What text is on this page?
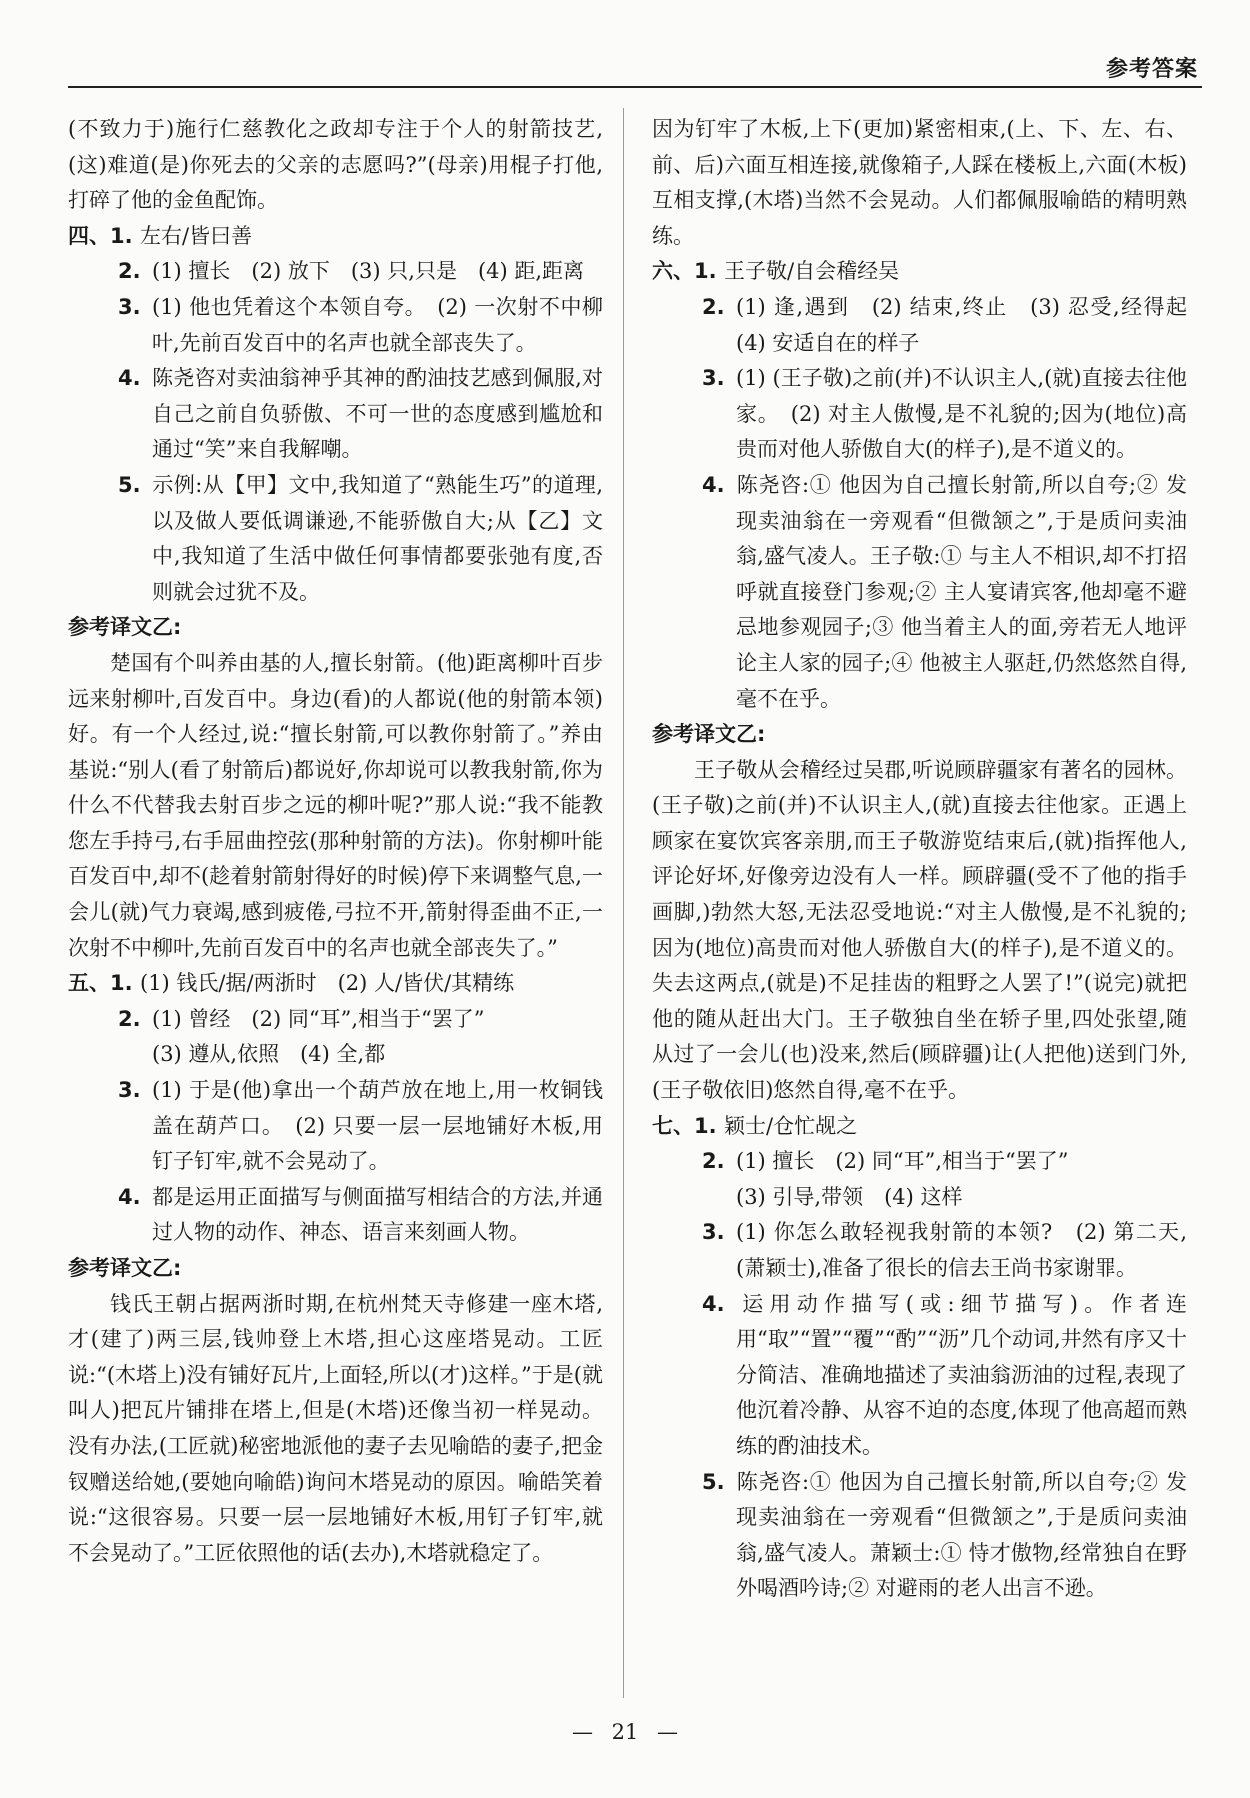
参考答案

(不致力于)施行仁慈教化之政却专注于个人的射箭技艺,(这)难道(是)你死去的父亲的志愿吗?”(母亲)用棍子打他,打碎了他的金鱼配饰。

四、1. 左右/皆曰善

2. (1) 擅长　(2) 放下　(3) 只,只是　(4) 距,距离

3. (1) 他也凭着这个本领自夸。　(2) 一次射不中柳叶,先前百发百中的名声也就全部丧失了。

4. 陈尧咨对卖油翁神乎其神的酌油技艺感到佩服,对自己之前自负骄傲、不可一世的态度感到尴尬和通过“笑”来自我解嘲。

5. 示例:从【甲】文中,我知道了“熟能生巧”的道理,以及做人要低调谦逊,不能骄傲自大;从【乙】文中,我知道了生活中做任何事情都要张弛有度,否则就会过犹不及。

参考译文乙:

楚国有个叫养由基的人,擅长射箭。(他)距离柳叶百步远来射柳叶,百发百中。身边(看)的人都说(他的射箭本领)好。有一个人经过,说:“擅长射箭,可以教你射箭了。”养由基说:“别人(看了射箭后)都说好,你却说可以教我射箭,你为什么不代替我去射百步之远的柳叶呢?”那人说:“我不能教您左手持弓,右手屈曲控弦(那种射箭的方法)。你射柳叶能百发百中,却不(趁着射箭射得好的时候)停下来调整气息,一会儿(就)气力衰竭,感到疲倦,弓拉不开,箭射得歪曲不正,一次射不中柳叶,先前百发百中的名声也就全部丧失了。”

五、1. (1) 钱氏/据/两浙时　(2) 人/皆伏/其精练

2. (1) 曾经　(2) 同“耳”,相当于“罢了”

(3) 遵从,依照　(4) 全,都

3. (1) 于是(他)拿出一个葫芦放在地上,用一枚铜钱盖在葫芦口。　(2) 只要一层一层地铺好木板,用钉子钉牢,就不会晃动了。

4. 都是运用正面描写与侧面描写相结合的方法,并通过人物的动作、神态、语言来刻画人物。

参考译文乙:

钱氏王朝占据两浙时期,在杭州梵天寺修建一座木塔,才(建了)两三层,钱帅登上木塔,担心这座塔晃动。工匠说:“(木塔上)没有铺好瓦片,上面轻,所以(才)这样。”于是(就叫人)把瓦片铺排在塔上,但是(木塔)还像当初一样晃动。没有办法,(工匠就)秘密地派他的妻子去见喻皓的妻子,把金钗赠送给她,(要她向喻皓)询问木塔晃动的原因。喻皓笑着说:“这很容易。只要一层一层地铺好木板,用钉子钉牢,就不会晃动了。”工匠依照他的话(去办),木塔就稳定了。

因为钉牢了木板,上下(更加)紧密相束,(上、下、左、右、前、后)六面互相连接,就像箱子,人踩在楼板上,六面(木板)互相支撑,(木塔)当然不会晃动。人们都佩服喻皓的精明熟练。

六、1. 王子敬/自会稽经吴

2. (1) 逢,遇到　(2) 结束,终止　(3) 忍受,经得起　(4) 安适自在的样子

3. (1) (王子敬)之前(并)不认识主人,(就)直接去往他家。　(2) 对主人傲慢,是不礼貌的;因为(地位)高贵而对他人骄傲自大(的样子),是不道义的。

4. 陈尧咨:① 他因为自己擅长射箭,所以自夸;② 发现卖油翁在一旁观看“但微颔之”,于是质问卖油翁,盛气凌人。王子敬:① 与主人不相识,却不打招呼就直接登门参观;② 主人宴请宾客,他却毫不避忌地参观园子;③ 他当着主人的面,旁若无人地评论主人家的园子;④ 他被主人驱赶,仍然悠然自得,毫不在乎。

参考译文乙:

王子敬从会稽经过吴郡,听说顾辟疆家有著名的园林。(王子敬)之前(并)不认识主人,(就)直接去往他家。正遇上顾家在宴饮宾客亲朋,而王子敬游览结束后,(就)指挥他人,评论好坏,好像旁边没有人一样。顾辟疆(受不了他的指手画脚,)勃然大怒,无法忍受地说:“对主人傲慢,是不礼貌的;因为(地位)高贵而对他人骄傲自大(的样子),是不道义的。失去这两点,(就是)不足挂齿的粗野之人罢了!”(说完)就把他的随从赶出大门。王子敬独自坐在轿子里,四处张望,随从过了一会儿(也)没来,然后(顾辟疆)让(人把他)送到门外,(王子敬依旧)悠然自得,毫不在乎。

七、1. 颖士/仓忙觇之

2. (1) 擅长　(2) 同“耳”,相当于“罢了”

(3) 引导,带领　(4) 这样

3. (1) 你怎么敢轻视我射箭的本领?　(2) 第二天,(萧颖士),准备了很长的信去王尚书家谢罪。

4. 运用动作描写(或:细节描写)。作者连用“取”“置”“覆”“酌”“沥”几个动词,井然有序又十分简洁、准确地描述了卖油翁沥油的过程,表现了他沉着冷静、从容不迫的态度,体现了他高超而熟练的酌油技术。

5. 陈尧咨:① 他因为自己擅长射箭,所以自夸;② 发现卖油翁在一旁观看“但微颔之”,于是质问卖油翁,盛气凌人。萧颖士:① 恃才傲物,经常独自在野外喝酒吟诗;② 对避雨的老人出言不逊。

— 21 —
